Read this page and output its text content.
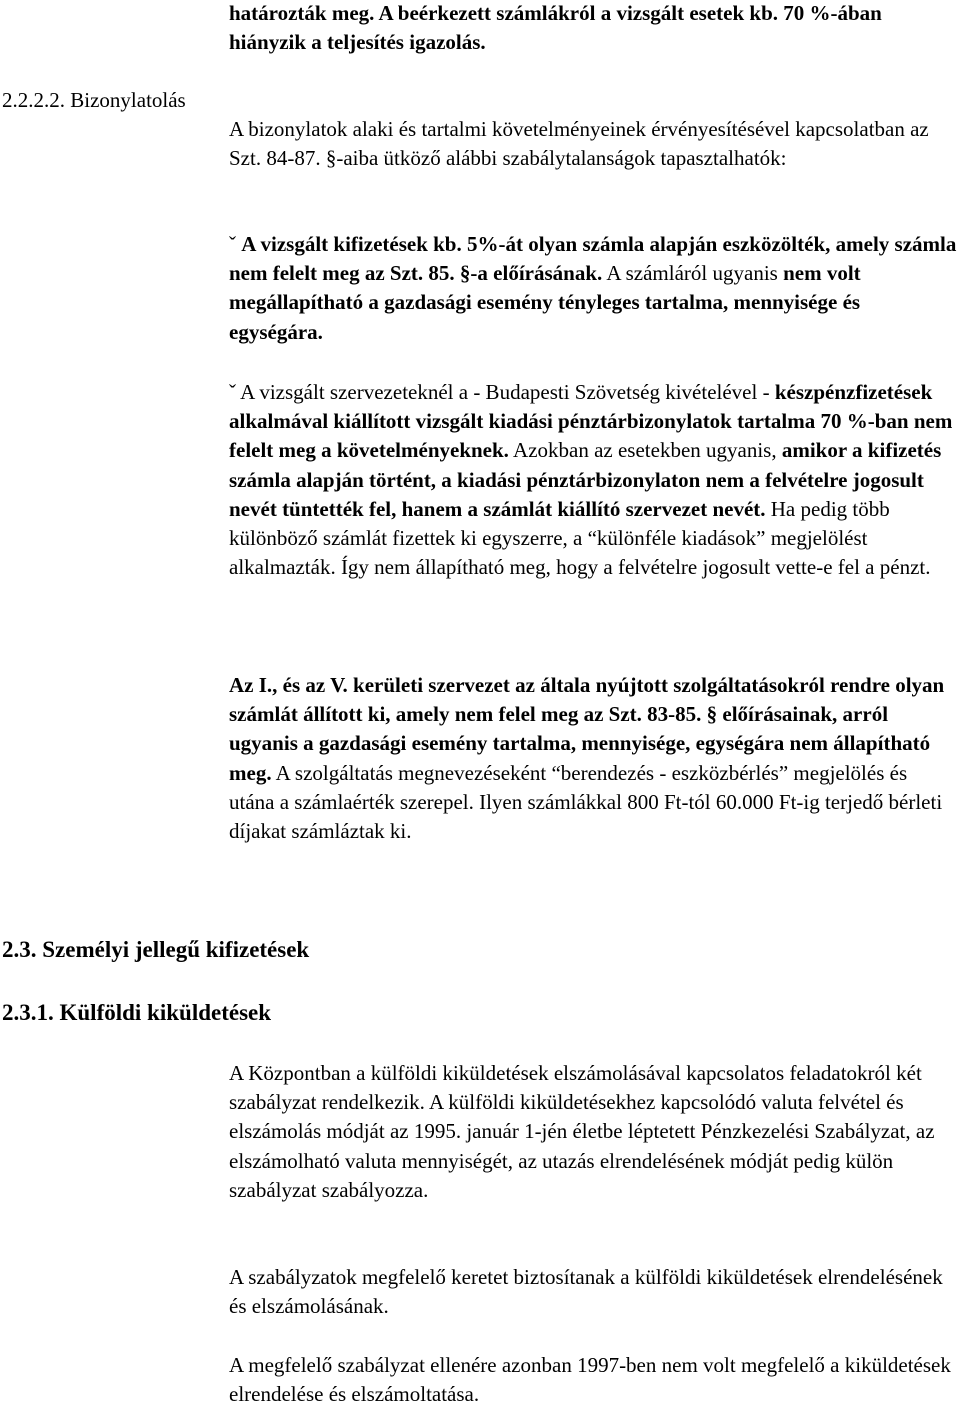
határozták meg. A beérkezett számlákról a vizsgált esetek kb. 70 %-ában hiányzik a teljesítés igazolás.

2.2.2.2. Bizonylatolás

A bizonylatok alaki és tartalmi követelményeinek érvényesítésével kapcsolatban az Szt. 84-87. §-aiba ütköző alábbi szabálytalanságok tapasztalhatók:

ˇ A vizsgált kifizetések kb. 5%-át olyan számla alapján eszközölték, amely számla nem felelt meg az Szt. 85. §-a előírásának. A számláról ugyanis nem volt megállapítható a gazdasági esemény tényleges tartalma, mennyisége és egységára.

ˇ A vizsgált szervezeteknél a - Budapesti Szövetség kivételével - készpénzfizetések alkalmával kiállított vizsgált kiadási pénztárbizonylatok tartalma 70 %-ban nem felelt meg a követelményeknek. Azokban az esetekben ugyanis, amikor a kifizetés számla alapján történt, a kiadási pénztárbizonylaton nem a felvételre jogosult nevét tüntették fel, hanem a számlát kiállító szervezet nevét. Ha pedig több különböző számlát fizettek ki egyszerre, a “különféle kiadások” megjelölést alkalmazták. Így nem állapítható meg, hogy a felvételre jogosult vette-e fel a pénzt.

Az I., és az V. kerületi szervezet az általa nyújtott szolgáltatásokról rendre olyan számlát állított ki, amely nem felel meg az Szt. 83-85. § előírásainak, arról ugyanis a gazdasági esemény tartalma, mennyisége, egységára nem állapítható meg. A szolgáltatás megnevezéseként “berendezés - eszközbérlés” megjelölés és utána a számlaérték szerepel. Ilyen számlákkal 800 Ft-tól 60.000 Ft-ig terjedő bérleti díjakat számláztak ki.

2.3. Személyi jellegű kifizetések

2.3.1. Külföldi kiküldetések

A Központban a külföldi kiküldetések elszámolásával kapcsolatos feladatokról két szabályzat rendelkezik. A külföldi kiküldetésekhez kapcsolódó valuta felvétel és elszámolás módját az 1995. január 1-jén életbe léptetett Pénzkezelési Szabályzat, az elszámolható valuta mennyiségét, az utazás elrendelésének módját pedig külön szabályzat szabályozza.

A szabályzatok megfelelő keretet biztosítanak a külföldi kiküldetések elrendelésének és elszámolásának.

A megfelelő szabályzat ellenére azonban 1997-ben nem volt megfelelő a kiküldetések elrendelése és elszámoltatása.
